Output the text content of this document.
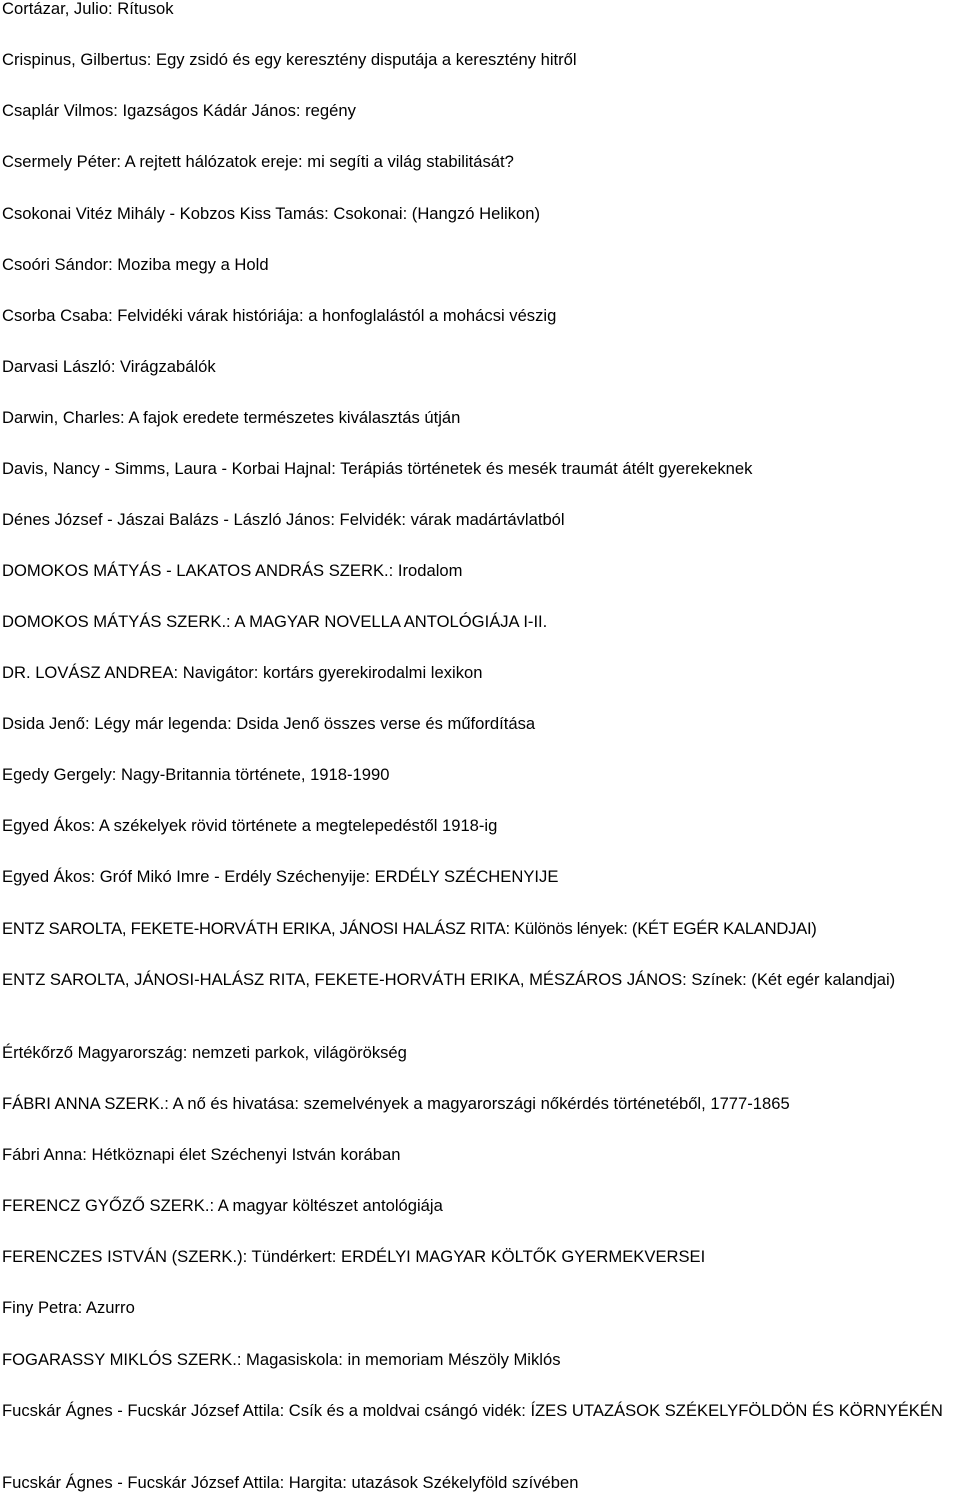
Cortázar, Julio: Rítusok
Crispinus, Gilbertus: Egy zsidó és egy keresztény disputája a keresztény hitről
Csaplár Vilmos: Igazságos Kádár János: regény
Csermely Péter: A rejtett hálózatok ereje: mi segíti a világ stabilitását?
Csokonai Vitéz Mihály - Kobzos Kiss Tamás: Csokonai: (Hangzó Helikon)
Csoóri Sándor: Moziba megy a Hold
Csorba Csaba: Felvidéki várak históriája: a honfoglalástól a mohácsi vészig
Darvasi László: Virágzabálók
Darwin, Charles: A fajok eredete természetes kiválasztás útján
Davis, Nancy - Simms, Laura - Korbai Hajnal: Terápiás történetek és mesék traumát átélt gyerekeknek
Dénes József - Jászai Balázs - László János: Felvidék: várak madártávlatból
DOMOKOS MÁTYÁS - LAKATOS ANDRÁS SZERK.: Irodalom
DOMOKOS MÁTYÁS SZERK.: A MAGYAR NOVELLA ANTOLÓGIÁJA I-II.
DR. LOVÁSZ ANDREA: Navigátor: kortárs gyerekirodalmi lexikon
Dsida Jenő: Légy már legenda: Dsida Jenő összes verse és műfordítása
Egedy Gergely: Nagy-Britannia története, 1918-1990
Egyed Ákos: A székelyek rövid története a megtelepedéstől 1918-ig
Egyed Ákos: Gróf Mikó Imre - Erdély Széchenyije: ERDÉLY SZÉCHENYIJE
ENTZ SAROLTA, FEKETE-HORVÁTH ERIKA, JÁNOSI HALÁSZ RITA: Különös lények: (KÉT EGÉR KALANDJAI)
ENTZ SAROLTA, JÁNOSI-HALÁSZ RITA, FEKETE-HORVÁTH ERIKA, MÉSZÁROS JÁNOS: Színek: (Két egér kalandjai)
Értékőrző Magyarország: nemzeti parkok, világörökség
FÁBRI ANNA SZERK.: A nő és hivatása: szemelvények a magyarországi nőkérdés történetéből, 1777-1865
Fábri Anna: Hétköznapi élet Széchenyi István korában
FERENCZ GYŐZŐ SZERK.: A magyar költészet antológiája
FERENCZES ISTVÁN (SZERK.): Tündérkert: ERDÉLYI MAGYAR KÖLTŐK GYERMEKVERSEI
Finy Petra: Azurro
FOGARASSY MIKLÓS SZERK.: Magasiskola: in memoriam Mészöly Miklós
Fucskár Ágnes - Fucskár József Attila: Csík és a moldvai csángó vidék: ÍZES UTAZÁSOK SZÉKELYFÖLDÖN ÉS KÖRNYÉKÉN
Fucskár Ágnes - Fucskár József Attila: Hargita: utazások Székelyföld szívében
